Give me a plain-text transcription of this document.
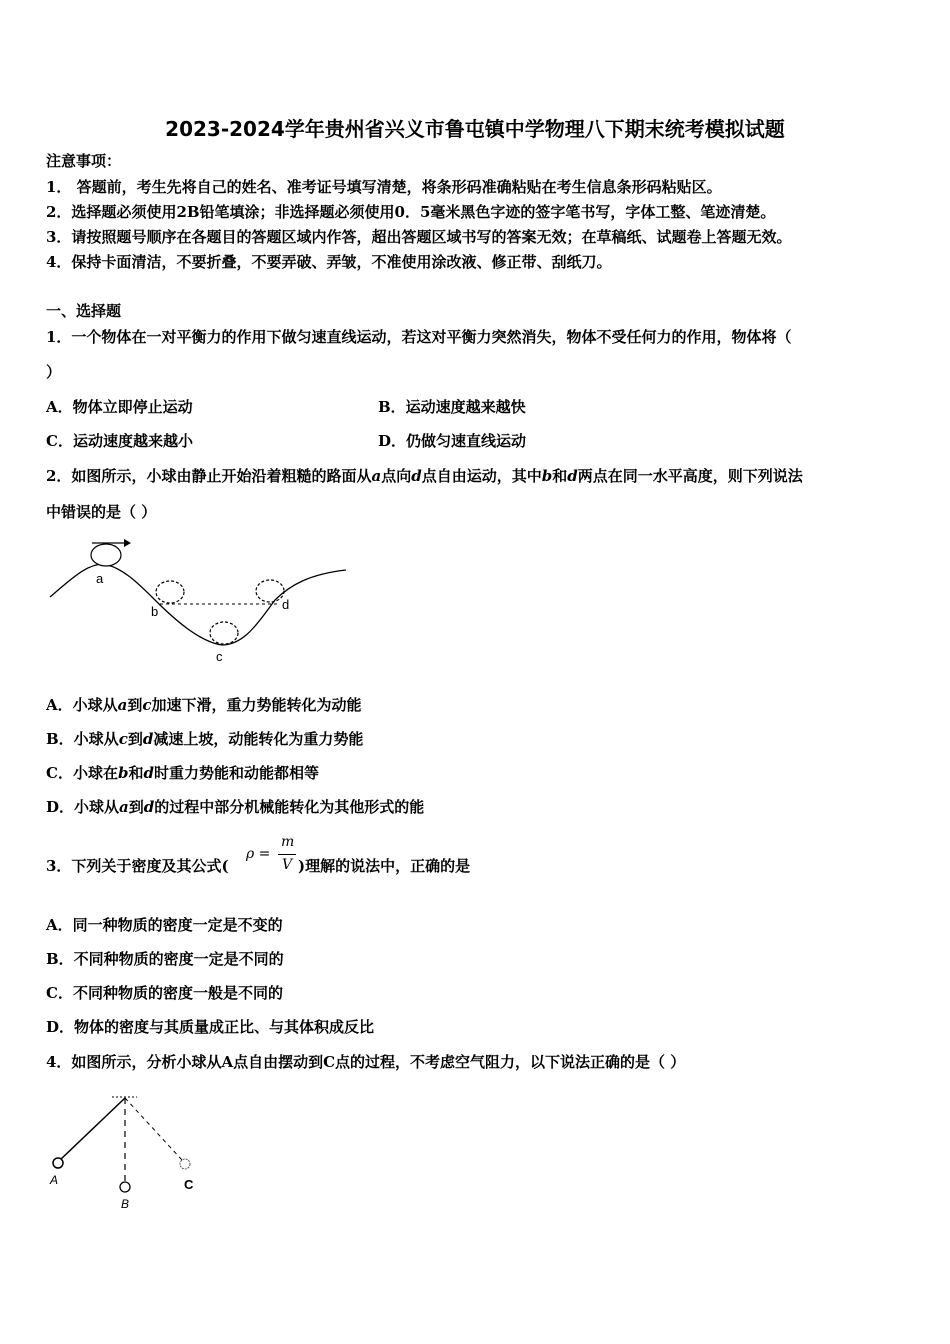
2023-2024学年贵州省兴义市鲁屯镇中学物理八下期末统考模拟试题
注意事项：
1． 答题前，考生先将自己的姓名、准考证号填写清楚，将条形码准确粘贴在考生信息条形码粘贴区。
2．选择题必须使用2B铅笔填涂；非选择题必须使用0．5毫米黑色字迹的签字笔书写，字体工整、笔迹清楚。
3．请按照题号顺序在各题目的答题区域内作答，超出答题区域书写的答案无效；在草稿纸、试题卷上答题无效。
4．保持卡面清洁，不要折叠，不要弄破、弄皱，不准使用涂改液、修正带、刮纸刀。
一、选择题
1．一个物体在一对平衡力的作用下做匀速直线运动，若这对平衡力突然消失，物体不受任何力的作用，物体将（
）
A．物体立即停止运动	B．运动速度越来越快
C．运动速度越来越小	D．仍做匀速直线运动
2．如图所示，小球由静止开始沿着粗糙的路面从a点向d点自由运动，其中b和d两点在同一水平高度，则下列说法
中错误的是（ ）
a
b
c
d
A．小球从a到c加速下滑，重力势能转化为动能
B．小球从c到d减速上坡，动能转化为重力势能
C．小球在b和d时重力势能和动能都相等
D．小球从a到d的过程中部分机械能转化为其他形式的能
3．下列关于密度及其公式(
ρ =
m
V )理解的说法中，正确的是
A．同一种物质的密度一定是不变的
B．不同种物质的密度一定是不同的
C．不同种物质的密度一般是不同的
D．物体的密度与其质量成正比、与其体积成反比
4．如图所示，分析小球从A点自由摆动到C点的过程，不考虑空气阻力，以下说法正确的是（ ）
A
B
C
